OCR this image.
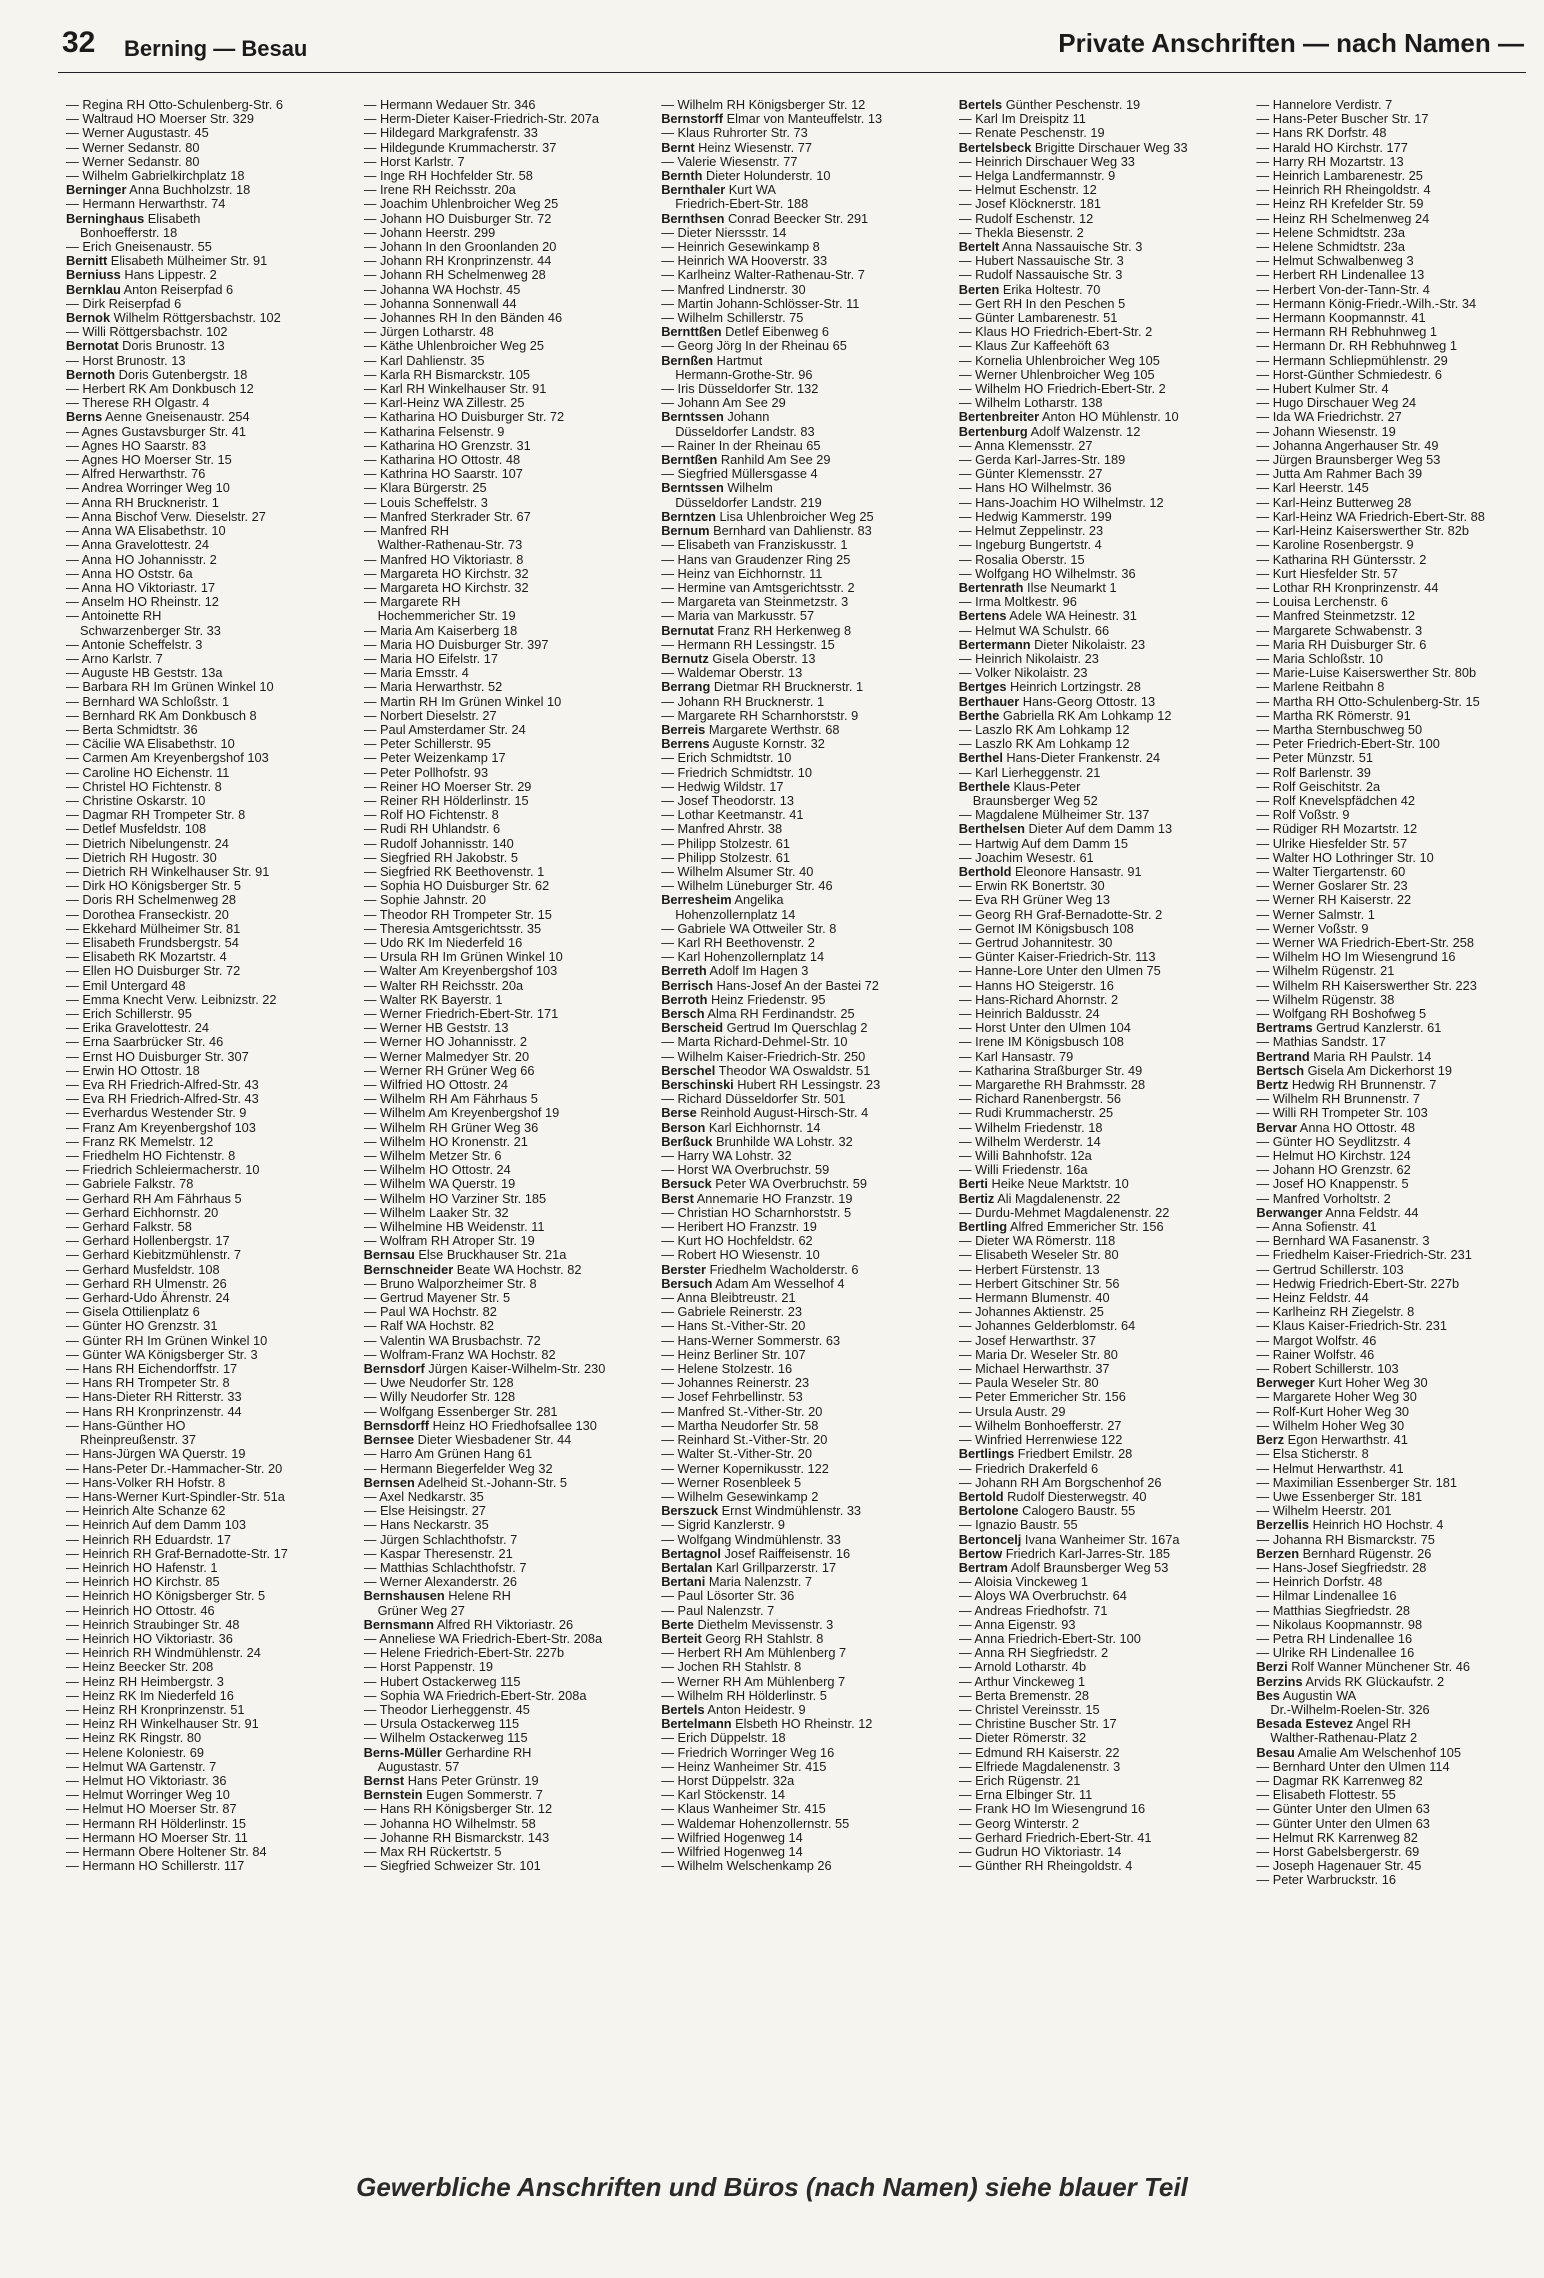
32 Berning — Besau	Private Anschriften — nach Namen —
— Regina RH Otto-Schulenberg-Str. 6
— Waltraud HO Moerser Str. 329
— Werner Augustastr. 45
— Werner Sedanstr. 80
— Werner Sedanstr. 80
— Wilhelm Gabrielkirchplatz 18
Berninger Anna Buchholzstr. 18
— Hermann Herwarthstr. 74
Berninghaus Elisabeth
Bonhoefferstr. 18
— Erich Gneisenaustr. 55
Bernitt Elisabeth Mülheimer Str. 91
Berniuss Hans Lippestr. 2
Bernklau Anton Reiserpfad 6
— Dirk Reiserpfad 6
Bernok Wilhelm Röttgersbachstr. 102
— Willi Röttgersbachstr. 102
Bernotat Doris Brunostr. 13
— Horst Brunostr. 13
Bernoth Doris Gutenbergstr. 18
— Herbert RK Am Donkbusch 12
— Therese RH Olgastr. 4
Berns Aenne Gneisenaustr. 254
— Agnes Gustavsburger Str. 41
— Agnes HO Saarstr. 83
— Agnes HO Moerser Str. 15
— Alfred Herwarthstr. 76
— Andrea Worringer Weg 10
— Anna RH Bruckneristr. 1
— Anna Bischof Verw. Dieselstr. 27
— Anna WA Elisabethstr. 10
— Anna Gravelottestr. 24
— Anna HO Johannisstr. 2
— Anna HO Oststr. 6a
— Anna HO Viktoriastr. 17
— Anselm HO Rheinstr. 12
— Antoinette RH
Schwarzenberger Str. 33
— Antonie Scheffelstr. 3
— Arno Karlstr. 7
— Auguste HB Geststr. 13a
— Barbara RH Im Grünen Winkel 10
— Bernhard WA Schloßstr. 1
— Bernhard RK Am Donkbusch 8
— Berta Schmidtstr. 36
— Cäcilie WA Elisabethstr. 10
— Carmen Am Kreyenbergshof 103
— Caroline HO Eichenstr. 11
— Christel HO Fichtenstr. 8
— Christine Oskarstr. 10
— Dagmar RH Trompeter Str. 8
— Detlef Musfeldstr. 108
— Dietrich Nibelungenstr. 24
— Dietrich RH Hugostr. 30
— Dietrich RH Winkelhauser Str. 91
— Dirk HO Königsberger Str. 5
— Doris RH Schelmenweg 28
— Dorothea Franseckistr. 20
— Ekkehard Mülheimer Str. 81
— Elisabeth Frundsbergstr. 54
— Elisabeth RK Mozartstr. 4
— Ellen HO Duisburger Str. 72
— Emil Untergard 48
— Emma Knecht Verw. Leibnizstr. 22
— Erich Schillerstr. 95
— Erika Gravelottestr. 24
— Erna Saarbrücker Str. 46
— Ernst HO Duisburger Str. 307
— Erwin HO Ottostr. 18
— Eva RH Friedrich-Alfred-Str. 43
— Eva RH Friedrich-Alfred-Str. 43
— Everhardus Westender Str. 9
— Franz Am Kreyenbergshof 103
— Franz RK Memelstr. 12
— Friedhelm HO Fichtenstr. 8
— Friedrich Schleiermacherstr. 10
— Gabriele Falkstr. 78
— Gerhard RH Am Fährhaus 5
— Gerhard Eichhornstr. 20
— Gerhard Falkstr. 58
— Gerhard Hollenbergstr. 17
— Gerhard Kiebitzmühlenstr. 7
— Gerhard Musfeldstr. 108
— Gerhard RH Ulmenstr. 26
— Gerhard-Udo Ährenstr. 24
— Gisela Ottilienplatz 6
— Günter HO Grenzstr. 31
— Günter RH Im Grünen Winkel 10
— Günter WA Königsberger Str. 3
— Hans RH Eichendorffstr. 17
— Hans RH Trompeter Str. 8
— Hans-Dieter RH Ritterstr. 33
— Hans RH Kronprinzenstr. 44
— Hans-Günther HO
Rheinpreußenstr. 37
— Hans-Jürgen WA Querstr. 19
— Hans-Peter Dr.-Hammacher-Str. 20
— Hans-Volker RH Hofstr. 8
— Hans-Werner Kurt-Spindler-Str. 51a
— Heinrich Alte Schanze 62
— Heinrich Auf dem Damm 103
— Heinrich RH Eduardstr. 17
— Heinrich RH Graf-Bernadotte-Str. 17
— Heinrich HO Hafenstr. 1
— Heinrich HO Kirchstr. 85
— Heinrich HO Königsberger Str. 5
— Heinrich HO Ottostr. 46
— Heinrich Straubinger Str. 48
— Heinrich HO Viktoriastr. 36
— Heinrich RH Windmühlenstr. 24
— Heinz Beecker Str. 208
— Heinz RH Heimbergstr. 3
— Heinz RK Im Niederfeld 16
— Heinz RH Kronprinzenstr. 51
— Heinz RH Winkelhauser Str. 91
— Heinz RK Ringstr. 80
— Helene Koloniestr. 69
— Helmut WA Gartenstr. 7
— Helmut HO Viktoriastr. 36
— Helmut Worringer Weg 10
— Helmut HO Moerser Str. 87
— Hermann RH Hölderlinstr. 15
— Hermann HO Moerser Str. 11
— Hermann Obere Holtener Str. 84
— Hermann HO Schillerstr. 117
— Hermann Wedauer Str. 346
— Herm-Dieter Kaiser-Friedrich-Str. 207a
— Hildegard Markgrafenstr. 33
— Hildegunde Krummacherstr. 37
— Horst Karlstr. 7
— Inge RH Hochfelder Str. 58
— Irene RH Reichsstr. 20a
— Joachim Uhlenbroicher Weg 25
— Johann HO Duisburger Str. 72
— Johann Heerstr. 299
— Johann In den Groonlanden 20
— Johann RH Kronprinzenstr. 44
— Johann RH Schelmenweg 28
— Johanna WA Hochstr. 45
— Johanna Sonnenwall 44
— Johannes RH In den Bänden 46
— Jürgen Lotharstr. 48
— Käthe Uhlenbroicher Weg 25
— Karl Dahlienstr. 35
— Karla RH Bismarckstr. 105
— Karl RH Winkelhauser Str. 91
— Karl-Heinz WA Zillestr. 25
— Katharina HO Duisburger Str. 72
— Katharina Felsenstr. 9
— Katharina HO Grenzstr. 31
— Katharina HO Ottostr. 48
— Kathrina HO Saarstr. 107
— Klara Bürgerstr. 25
— Louis Scheffelstr. 3
— Manfred Sterkrader Str. 67
— Manfred RH
Walther-Rathenau-Str. 73
— Manfred HO Viktoriastr. 8
— Margareta HO Kirchstr. 32
— Margareta HO Kirchstr. 32
— Margarete RH
Hochemmericher Str. 19
— Maria Am Kaiserberg 18
— Maria HO Duisburger Str. 397
— Maria HO Eifelstr. 17
— Maria Emsstr. 4
— Maria Herwarthstr. 52
— Martin RH Im Grünen Winkel 10
— Norbert Dieselstr. 27
— Paul Amsterdamer Str. 24
— Peter Schillerstr. 95
— Peter Weizenkamp 17
— Peter Pollhofstr. 93
— Reiner HO Moerser Str. 29
— Reiner RH Hölderlinstr. 15
— Rolf HO Fichtenstr. 8
— Rudi RH Uhlandstr. 6
— Rudolf Johannisstr. 140
— Siegfried RH Jakobstr. 5
— Siegfried RK Beethovenstr. 1
— Sophia HO Duisburger Str. 62
— Sophie Jahnstr. 20
— Theodor RH Trompeter Str. 15
— Theresia Amtsgerichtsstr. 35
— Udo RK Im Niederfeld 16
— Ursula RH Im Grünen Winkel 10
— Walter Am Kreyenbergshof 103
— Walter RH Reichsstr. 20a
— Walter RK Bayerstr. 1
— Werner Friedrich-Ebert-Str. 171
— Werner HB Geststr. 13
— Werner HO Johannisstr. 2
— Werner Malmedyer Str. 20
— Werner RH Grüner Weg 66
— Wilfried HO Ottostr. 24
— Wilhelm RH Am Fährhaus 5
— Wilhelm Am Kreyenbergshof 19
— Wilhelm RH Grüner Weg 36
— Wilhelm HO Kronenstr. 21
— Wilhelm Metzer Str. 6
— Wilhelm HO Ottostr. 24
— Wilhelm WA Querstr. 19
— Wilhelm HO Varziner Str. 185
— Wilhelm Laaker Str. 32
— Wilhelmine HB Weidenstr. 11
— Wolfram RH Atroper Str. 19
Bernsau Else Bruckhauser Str. 21a
Bernschneider Beate WA Hochstr. 82
— Bruno Walporzheimer Str. 8
— Gertrud Mayener Str. 5
— Paul WA Hochstr. 82
— Ralf WA Hochstr. 82
— Valentin WA Brusbachstr. 72
— Wolfram-Franz WA Hochstr. 82
Bernsdorf Jürgen Kaiser-Wilhelm-Str. 230
— Uwe Neudorfer Str. 128
— Willy Neudorfer Str. 128
— Wolfgang Essenberger Str. 281
Bernsdorff Heinz HO Friedhofsallee 130
Bernsee Dieter Wiesbadener Str. 44
— Harro Am Grünen Hang 61
— Hermann Biegerfelder Weg 32
Bernsen Adelheid St.-Johann-Str. 5
— Axel Nedkarstr. 35
— Else Heisingstr. 27
— Hans Neckarstr. 35
— Jürgen Schlachthofstr. 7
— Kaspar Theresenstr. 21
— Matthias Schlachthofstr. 7
— Werner Alexanderstr. 26
Bernshausen Helene RH
Grüner Weg 27
Bernsmann Alfred RH Viktoriastr. 26
— Anneliese WA Friedrich-Ebert-Str. 208a
— Helene Friedrich-Ebert-Str. 227b
— Horst Pappenstr. 19
— Hubert Ostackerweg 115
— Sophia WA Friedrich-Ebert-Str. 208a
— Theodor Lierheggenstr. 45
— Ursula Ostackerweg 115
— Wilhelm Ostackerweg 115
Berns-Müller Gerhardine RH
Augustastr. 57
Bernst Hans Peter Grünstr. 19
Bernstein Eugen Sommerstr. 7
— Hans RH Königsberger Str. 12
— Johanna HO Wilhelmstr. 58
— Johanne RH Bismarckstr. 143
— Max RH Rückertstr. 5
— Siegfried Schweizer Str. 101
— Wilhelm RH Königsberger Str. 12
Bernstorff Elmar von Manteuffelstr. 13
— Klaus Ruhrorter Str. 73
Bernt Heinz Wiesenstr. 77
— Valerie Wiesenstr. 77
Bernth Dieter Holunderstr. 10
Bernthaler Kurt WA
Friedrich-Ebert-Str. 188
Bernthsen Conrad Beecker Str. 291
— Dieter Nierssstr. 14
— Heinrich Gesewinkamp 8
— Heinrich WA Hooverstr. 33
— Karlheinz Walter-Rathenau-Str. 7
— Manfred Lindnerstr. 30
— Martin Johann-Schlösser-Str. 11
— Wilhelm Schillerstr. 75
Bernttßen Detlef Eibenweg 6
— Georg Jörg In der Rheinau 65
Bernßen Hartmut
Hermann-Grothe-Str. 96
— Iris Düsseldorfer Str. 132
— Johann Am See 29
Berntssen Johann
Düsseldorfer Landstr. 83
— Rainer In der Rheinau 65
Berntßen Ranhild Am See 29
— Siegfried Müllersgasse 4
Berntssen Wilhelm
Düsseldorfer Landstr. 219
Berntzen Lisa Uhlenbroicher Weg 25
Bernum Bernhard van Dahlienstr. 83
— Elisabeth van Franziskusstr. 1
— Hans van Graudenzer Ring 25
— Heinz van Eichhornstr. 11
— Hermine van Amtsgerichtsstr. 2
— Margareta van Steinmetzstr. 3
— Maria van Markusstr. 57
Bernutat Franz RH Herkenweg 8
— Hermann RH Lessingstr. 15
Bernutz Gisela Oberstr. 13
— Waldemar Oberstr. 13
Berrang Dietmar RH Brucknerstr. 1
— Johann RH Brucknerstr. 1
— Margarete RH Scharnhorststr. 9
Berreis Margarete Werthstr. 68
Berrens Auguste Kornstr. 32
— Erich Schmidtstr. 10
— Friedrich Schmidtstr. 10
— Hedwig Wildstr. 17
— Josef Theodorstr. 13
— Lothar Keetmanstr. 41
— Manfred Ahrstr. 38
— Philipp Stolzestr. 61
— Philipp Stolzestr. 61
— Wilhelm Alsumer Str. 40
— Wilhelm Lüneburger Str. 46
Berresheim Angelika
Hohenzollernplatz 14
— Gabriele WA Ottweiler Str. 8
— Karl RH Beethovenstr. 2
— Karl Hohenzollernplatz 14
Berreth Adolf Im Hagen 3
Berrisch Hans-Josef An der Bastei 72
Berroth Heinz Friedenstr. 95
Bersch Alma RH Ferdinandstr. 25
Berscheid Gertrud Im Querschlag 2
— Marta Richard-Dehmel-Str. 10
— Wilhelm Kaiser-Friedrich-Str. 250
Berschel Theodor WA Oswaldstr. 51
Berschinski Hubert RH Lessingstr. 23
— Richard Düsseldorfer Str. 501
Berse Reinhold August-Hirsch-Str. 4
Berson Karl Eichhornstr. 14
Berßuck Brunhilde WA Lohstr. 32
— Harry WA Lohstr. 32
— Horst WA Overbruchstr. 59
Bersuck Peter WA Overbruchstr. 59
Berst Annemarie HO Franzstr. 19
— Christian HO Scharnhorststr. 5
— Heribert HO Franzstr. 19
— Kurt HO Hochfeldstr. 62
— Robert HO Wiesenstr. 10
Berster Friedhelm Wacholderstr. 6
Bersuch Adam Am Wesselhof 4
— Anna Bleibtreustr. 21
— Gabriele Reinerstr. 23
— Hans St.-Vither-Str. 20
— Hans-Werner Sommerstr. 63
— Heinz Berliner Str. 107
— Helene Stolzestr. 16
— Johannes Reinerstr. 23
— Josef Fehrbellinstr. 53
— Manfred St.-Vither-Str. 20
— Martha Neudorfer Str. 58
— Reinhard St.-Vither-Str. 20
— Walter St.-Vither-Str. 20
— Werner Kopernikusstr. 122
— Werner Rosenbleek 5
— Wilhelm Gesewinkamp 2
Berszuck Ernst Windmühlenstr. 33
— Sigrid Kanzlerstr. 9
— Wolfgang Windmühlenstr. 33
Bertagnol Josef Raiffeisenstr. 16
Bertalan Karl Grillparzerstr. 17
Bertani Maria Nalenzstr. 7
— Paul Lösorter Str. 36
— Paul Nalenzstr. 7
Berte Diethelm Mevissenstr. 3
Berteit Georg RH Stahlstr. 8
— Herbert RH Am Mühlenberg 7
— Jochen RH Stahlstr. 8
— Werner RH Am Mühlenberg 7
— Wilhelm RH Hölderlinstr. 5
Bertels Anton Heidestr. 9
Bertelmann Elsbeth HO Rheinstr. 12
— Erich Düppelstr. 18
— Friedrich Worringer Weg 16
— Heinz Wanheimer Str. 415
— Horst Düppelstr. 32a
— Karl Stöckenstr. 14
— Klaus Wanheimer Str. 415
— Waldemar Hohenzollernstr. 55
— Wilfried Hogenweg 14
— Wilfried Hogenweg 14
— Wilhelm Welschenkamp 26
Bertels Günther Peschenstr. 19
— Karl Im Dreispitz 11
— Renate Peschenstr. 19
Bertelsbeck Brigitte Dirschauer Weg 33
— Heinrich Dirschauer Weg 33
— Helga Landfermannstr. 9
— Helmut Eschenstr. 12
— Josef Klöcknerstr. 181
— Rudolf Eschenstr. 12
— Thekla Biesenstr. 2
Bertelt Anna Nassauische Str. 3
— Hubert Nassauische Str. 3
— Rudolf Nassauische Str. 3
Berten Erika Holtestr. 70
— Gert RH In den Peschen 5
— Günter Lambarenestr. 51
— Klaus HO Friedrich-Ebert-Str. 2
— Klaus Zur Kaffeehöft 63
— Kornelia Uhlenbroicher Weg 105
— Werner Uhlenbroicher Weg 105
— Wilhelm HO Friedrich-Ebert-Str. 2
— Wilhelm Lotharstr. 138
Bertenbreiter Anton HO Mühlenstr. 10
Bertenburg Adolf Walzenstr. 12
— Anna Klemensstr. 27
— Gerda Karl-Jarres-Str. 189
— Günter Klemensstr. 27
— Hans HO Wilhelmstr. 36
— Hans-Joachim HO Wilhelmstr. 12
— Hedwig Kammerstr. 199
— Helmut Zeppelinstr. 23
— Ingeburg Bungertstr. 4
— Rosalia Oberstr. 15
— Wolfgang HO Wilhelmstr. 36
Bertenrath Ilse Neumarkt 1
— Irma Moltkestr. 96
Bertens Adele WA Heinestr. 31
— Helmut WA Schulstr. 66
Bertermann Dieter Nikolaistr. 23
— Heinrich Nikolaistr. 23
— Volker Nikolaistr. 23
Bertges Heinrich Lortzingstr. 28
Berthauer Hans-Georg Ottostr. 13
Berthe Gabriella RK Am Lohkamp 12
— Laszlo RK Am Lohkamp 12
— Laszlo RK Am Lohkamp 12
Berthel Hans-Dieter Frankenstr. 24
— Karl Lierheggenstr. 21
Berthele Klaus-Peter
Braunsberger Weg 52
— Magdalene Mülheimer Str. 137
Berthelsen Dieter Auf dem Damm 13
— Hartwig Auf dem Damm 15
— Joachim Wesestr. 61
Berthold Eleonore Hansastr. 91
— Erwin RK Bonertstr. 30
— Eva RH Grüner Weg 13
— Georg RH Graf-Bernadotte-Str. 2
— Gernot IM Königsbusch 108
— Gertrud Johannitestr. 30
— Günter Kaiser-Friedrich-Str. 113
— Hanne-Lore Unter den Ulmen 75
— Hanns HO Steigerstr. 16
— Hans-Richard Ahornstr. 2
— Heinrich Baldusstr. 24
— Horst Unter den Ulmen 104
— Irene IM Königsbusch 108
— Karl Hansastr. 79
— Katharina Straßburger Str. 49
— Margarethe RH Brahmsstr. 28
— Richard Ranenbergstr. 56
— Rudi Krummacherstr. 25
— Wilhelm Friedenstr. 18
— Wilhelm Werderstr. 14
— Willi Bahnhofstr. 12a
— Willi Friedenstr. 16a
Berti Heike Neue Marktstr. 10
Bertiz Ali Magdalenenstr. 22
— Durdu-Mehmet Magdalenenstr. 22
Bertling Alfred Emmericher Str. 156
— Dieter WA Römerstr. 118
— Elisabeth Weseler Str. 80
— Herbert Fürstenstr. 13
— Herbert Gitschiner Str. 56
— Hermann Blumenstr. 40
— Johannes Aktienstr. 25
— Johannes Gelderblomstr. 64
— Josef Herwarthstr. 37
— Maria Dr. Weseler Str. 80
— Michael Herwarthstr. 37
— Paula Weseler Str. 80
— Peter Emmericher Str. 156
— Ursula Austr. 29
— Wilhelm Bonhoefferstr. 27
— Winfried Herrenwiese 122
Bertlings Friedbert Emilstr. 28
— Friedrich Drakerfeld 6
— Johann RH Am Borgschenhof 26
Bertold Rudolf Diesterwegstr. 40
Bertolone Calogero Baustr. 55
— Ignazio Baustr. 55
Bertoncelj Ivana Wanheimer Str. 167a
Bertow Friedrich Karl-Jarres-Str. 185
Bertram Adolf Braunsberger Weg 53
— Aloisia Vinckeweg 1
— Aloys WA Overbruchstr. 64
— Andreas Friedhofstr. 71
— Anna Eigenstr. 93
— Anna Friedrich-Ebert-Str. 100
— Anna RH Siegfriedstr. 2
— Arnold Lotharstr. 4b
— Arthur Vinckeweg 1
— Berta Bremenstr. 28
— Christel Vereinsstr. 15
— Christine Buscher Str. 17
— Dieter Römerstr. 32
— Edmund RH Kaiserstr. 22
— Elfriede Magdalenenstr. 3
— Erich Rügenstr. 21
— Erna Elbinger Str. 11
— Frank HO Im Wiesengrund 16
— Georg Winterstr. 2
— Gerhard Friedrich-Ebert-Str. 41
— Gudrun HO Viktoriastr. 14
— Günther RH Rheingoldstr. 4
— Hannelore Verdistr. 7
— Hans-Peter Buscher Str. 17
— Hans RK Dorfstr. 48
— Harald HO Kirchstr. 177
— Harry RH Mozartstr. 13
— Heinrich Lambarenestr. 25
— Heinrich RH Rheingoldstr. 4
— Heinz RH Krefelder Str. 59
— Heinz RH Schelmenweg 24
— Helene Schmidtstr. 23a
— Helene Schmidtstr. 23a
— Helmut Schwalbenweg 3
— Herbert RH Lindenallee 13
— Herbert Von-der-Tann-Str. 4
— Hermann König-Friedr.-Wilh.-Str. 34
— Hermann Koopmannstr. 41
— Hermann RH Rebhuhnweg 1
— Hermann Dr. RH Rebhuhnweg 1
— Hermann Schliepmühlenstr. 29
— Horst-Günther Schmiedestr. 6
— Hubert Kulmer Str. 4
— Hugo Dirschauer Weg 24
— Ida WA Friedrichstr. 27
— Johann Wiesenstr. 19
— Johanna Angerhauser Str. 49
— Jürgen Braunsberger Weg 53
— Jutta Am Rahmer Bach 39
— Karl Heerstr. 145
— Karl-Heinz Butterweg 28
— Karl-Heinz WA Friedrich-Ebert-Str. 88
— Karl-Heinz Kaiserswerther Str. 82b
— Karoline Rosenbergstr. 9
— Katharina RH Güntersstr. 2
— Kurt Hiesfelder Str. 57
— Lothar RH Kronprinzenstr. 44
— Louisa Lerchenstr. 6
— Manfred Steinmetzstr. 12
— Margarete Schwabenstr. 3
— Maria RH Duisburger Str. 6
— Maria Schloßstr. 10
— Marie-Luise Kaiserswerther Str. 80b
— Marlene Reitbahn 8
— Martha RH Otto-Schulenberg-Str. 15
— Martha RK Römerstr. 91
— Martha Sternbuschweg 50
— Peter Friedrich-Ebert-Str. 100
— Peter Münzstr. 51
— Rolf Barlenstr. 39
— Rolf Geischitstr. 2a
— Rolf Knevelspfädchen 42
— Rolf Voßstr. 9
— Rüdiger RH Mozartstr. 12
— Ulrike Hiesfelder Str. 57
— Walter HO Lothringer Str. 10
— Walter Tiergartenstr. 60
— Werner Goslarer Str. 23
— Werner RH Kaiserstr. 22
— Werner Salmstr. 1
— Werner Voßstr. 9
— Werner WA Friedrich-Ebert-Str. 258
— Wilhelm HO Im Wiesengrund 16
— Wilhelm Rügenstr. 21
— Wilhelm RH Kaiserswerther Str. 223
— Wilhelm Rügenstr. 38
— Wolfgang RH Boshofweg 5
Bertrams Gertrud Kanzlerstr. 61
— Mathias Sandstr. 17
Bertrand Maria RH Paulstr. 14
Bertsch Gisela Am Dickerhorst 19
Bertz Hedwig RH Brunnenstr. 7
— Wilhelm RH Brunnenstr. 7
— Willi RH Trompeter Str. 103
Bervar Anna HO Ottostr. 48
— Günter HO Seydlitzstr. 4
— Helmut HO Kirchstr. 124
— Johann HO Grenzstr. 62
— Josef HO Knappenstr. 5
— Manfred Vorholtstr. 2
Berwanger Anna Feldstr. 44
— Anna Sofienstr. 41
— Bernhard WA Fasanenstr. 3
— Friedhelm Kaiser-Friedrich-Str. 231
— Gertrud Schillerstr. 103
— Hedwig Friedrich-Ebert-Str. 227b
— Heinz Feldstr. 44
— Karlheinz RH Ziegelstr. 8
— Klaus Kaiser-Friedrich-Str. 231
— Margot Wolfstr. 46
— Rainer Wolfstr. 46
— Robert Schillerstr. 103
Berweger Kurt Hoher Weg 30
— Margarete Hoher Weg 30
— Rolf-Kurt Hoher Weg 30
— Wilhelm Hoher Weg 30
Berz Egon Herwarthstr. 41
— Elsa Sticherstr. 8
— Helmut Herwarthstr. 41
— Maximilian Essenberger Str. 181
— Uwe Essenberger Str. 181
— Wilhelm Heerstr. 201
Berzellis Heinrich HO Hochstr. 4
— Johanna RH Bismarckstr. 75
Berzen Bernhard Rügenstr. 26
— Hans-Josef Siegfriedstr. 28
— Heinrich Dorfstr. 48
— Hilmar Lindenallee 16
— Matthias Siegfriedstr. 28
— Nikolaus Koopmannstr. 98
— Petra RH Lindenallee 16
— Ulrike RH Lindenallee 16
Berzi Rolf Wanner Münchener Str. 46
Berzins Arvids RK Glückaufstr. 2
Bes Augustin WA
Dr.-Wilhelm-Roelen-Str. 326
Besada Estevez Angel RH
Walther-Rathenau-Platz 2
Besau Amalie Am Welschenhof 105
— Bernhard Unter den Ulmen 114
— Dagmar RK Karrenweg 82
— Elisabeth Flottestr. 55
— Günter Unter den Ulmen 63
— Günter Unter den Ulmen 63
— Helmut RK Karrenweg 82
— Horst Gabelsbergerstr. 69
— Joseph Hagenauer Str. 45
— Peter Warbruckstr. 16
Gewerbliche Anschriften und Büros (nach Namen) siehe blauer Teil
